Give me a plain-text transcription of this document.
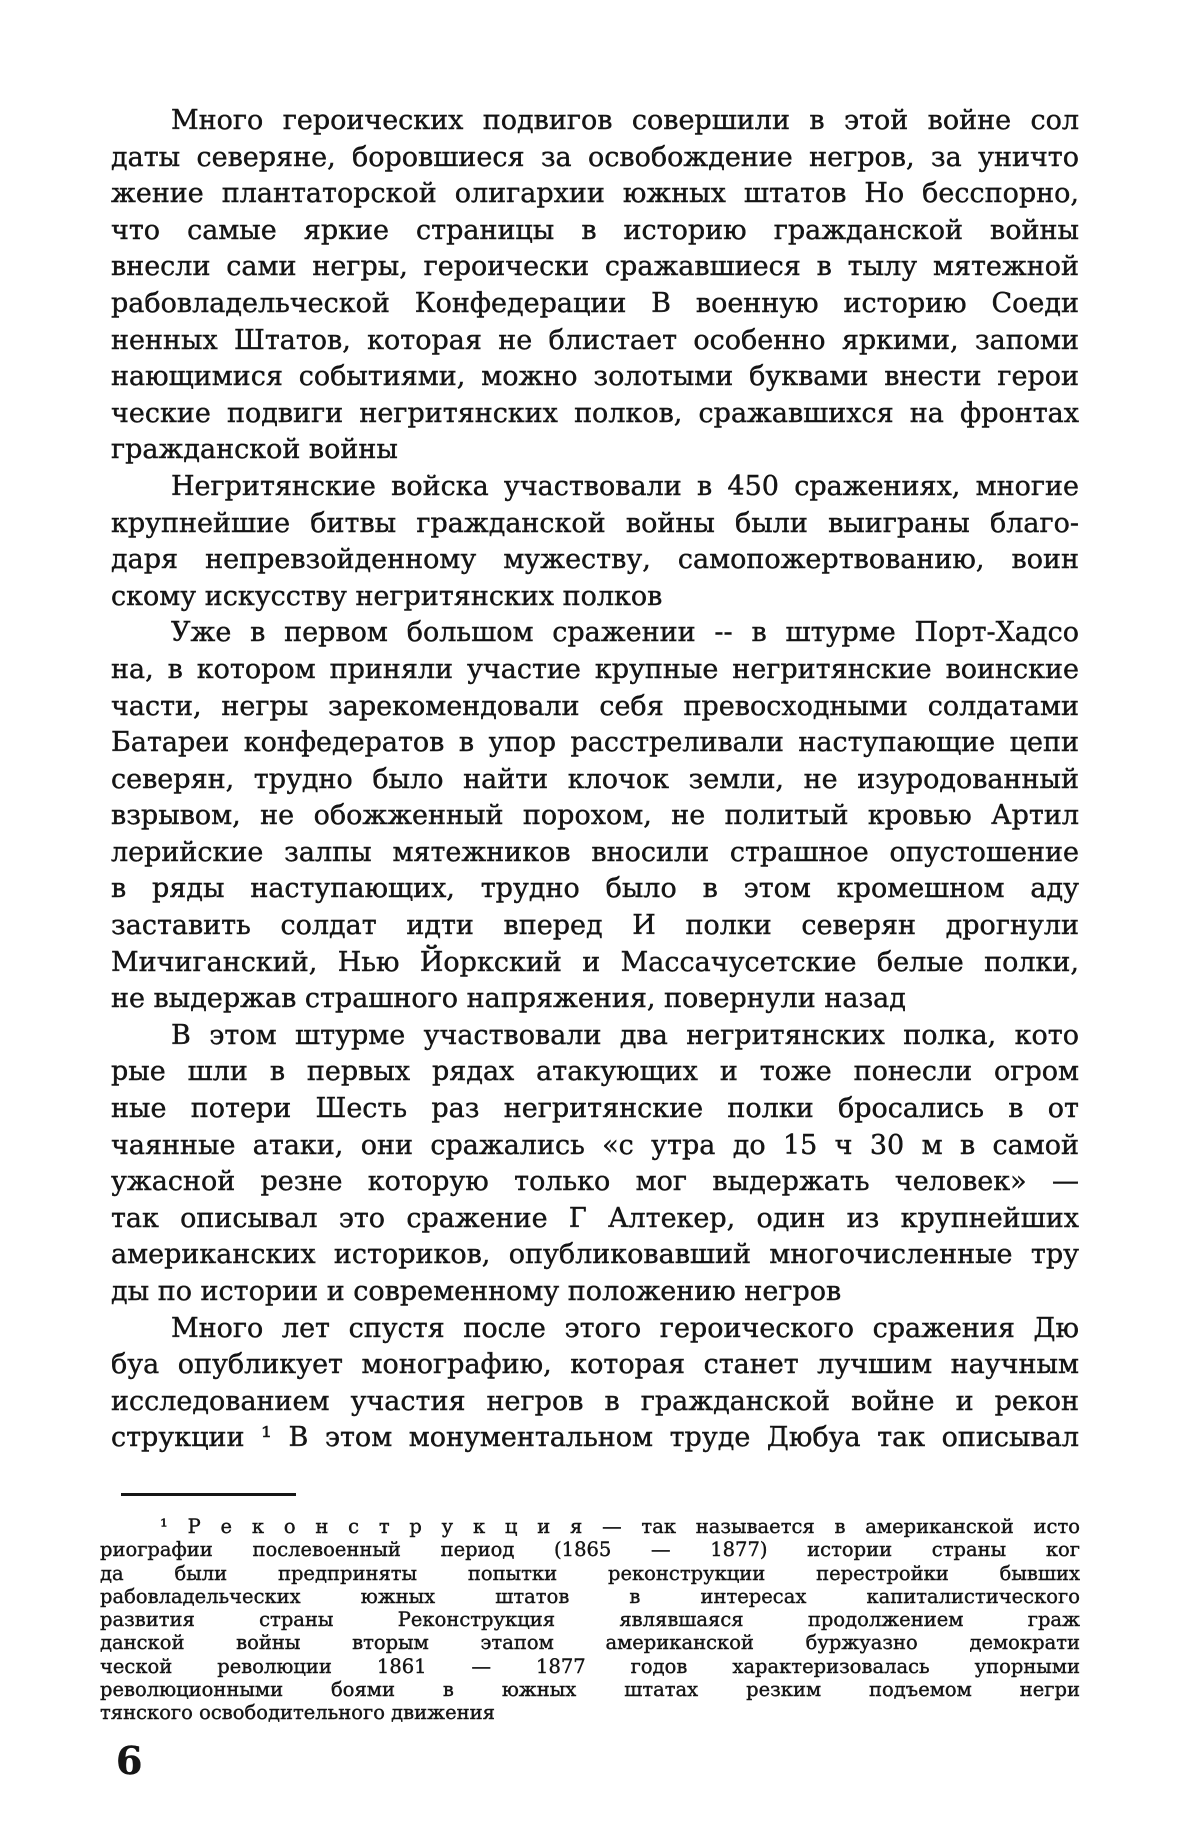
Много героических подвигов совершили в этой войне сол
даты северяне, боровшиеся за освобождение негров, за уничто
жение плантаторской олигархии южных штатов Но бесспорно,
что самые яркие страницы в историю гражданской войны
внесли сами негры, героически сражавшиеся в тылу мятежной
рабовладельческой Конфедерации В военную историю Соеди
ненных Штатов, которая не блистает особенно яркими, запоми
нающимися событиями, можно золотыми буквами внести герои
ческие подвиги негритянских полков, сражавшихся на фронтах
гражданской войны
Негритянские войска участвовали в 450 сражениях, многие
крупнейшие битвы гражданской войны были выиграны благо-
даря непревзойденному мужеству, самопожертвованию, воин
скому искусству негритянских полков
Уже в первом большом сражении -- в штурме Порт-Хадсо
на, в котором приняли участие крупные негритянские воинские
части, негры зарекомендовали себя превосходными солдатами
Батареи конфедератов в упор расстреливали наступающие цепи
северян, трудно было найти клочок земли, не изуродованный
взрывом, не обожженный порохом, не политый кровью Артил
лерийские залпы мятежников вносили страшное опустошение
в ряды наступающих, трудно было в этом кромешном аду
заставить солдат идти вперед И полки северян дрогнули
Мичиганский, Нью Йоркский и Массачусетские белые полки,
не выдержав страшного напряжения, повернули назад
В этом штурме участвовали два негритянских полка, кото
рые шли в первых рядах атакующих и тоже понесли огром
ные потери Шесть раз негритянские полки бросались в от
чаянные атаки, они сражались «с утра до 15 ч 30 м в самой
ужасной резне которую только мог выдержать человек» —
так описывал это сражение Г Алтекер, один из крупнейших
американских историков, опубликовавший многочисленные тру
ды по истории и современному положению негров
Много лет спустя после этого героического сражения Дю
буа опубликует монографию, которая станет лучшим научным
исследованием участия негров в гражданской войне и рекон
струкции ¹ В этом монументальном труде Дюбуа так описывал
¹ Р е к о н с т р у к ц и я — так называется в американской исто
риографии послевоенный период (1865 — 1877) истории страны ког
да были предприняты попытки реконструкции перестройки бывших
рабовладельческих южных штатов в интересах капиталистического
развития страны Реконструкция являвшаяся продолжением граж
данской войны вторым этапом американской буржуазно демократи
ческой революции 1861 — 1877 годов характеризовалась упорными
революционными боями в южных штатах резким подъемом негри
тянского освободительного движения
6
